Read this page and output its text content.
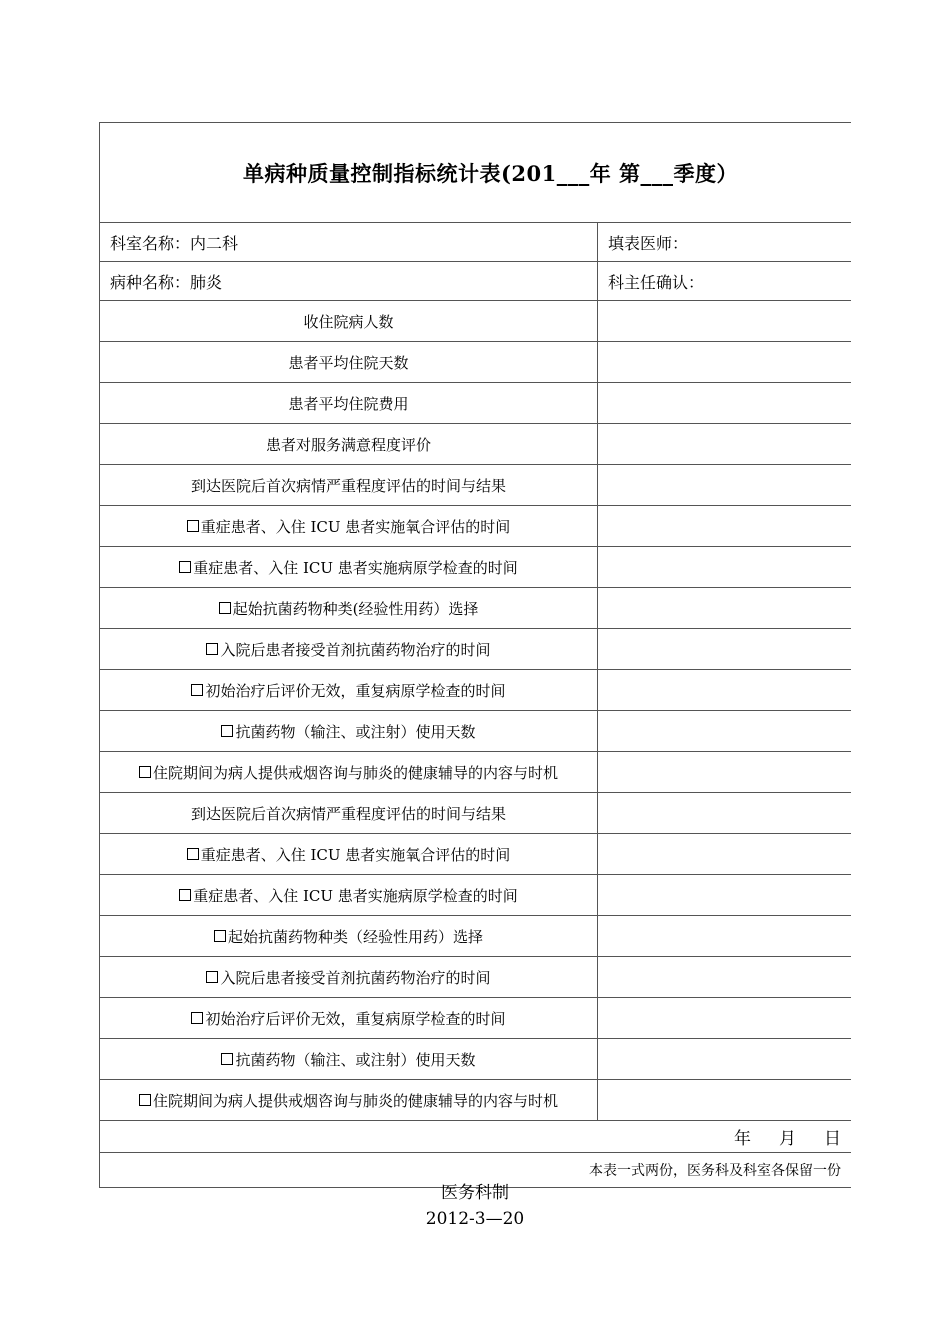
单病种质量控制指标统计表(201___年 第___季度）
科室名称：内二科	填表医师：
病种名称：肺炎	科主任确认：
收住院病人数
患者平均住院天数
患者平均住院费用
患者对服务满意程度评价
到达医院后首次病情严重程度评估的时间与结果
重症患者、入住 ICU 患者实施氧合评估的时间
重症患者、入住 ICU 患者实施病原学检查的时间
起始抗菌药物种类(经验性用药）选择
入院后患者接受首剂抗菌药物治疗的时间
初始治疗后评价无效，重复病原学检查的时间
抗菌药物（输注、或注射）使用天数
住院期间为病人提供戒烟咨询与肺炎的健康辅导的内容与时机
到达医院后首次病情严重程度评估的时间与结果
重症患者、入住 ICU 患者实施氧合评估的时间
重症患者、入住 ICU 患者实施病原学检查的时间
起始抗菌药物种类（经验性用药）选择
入院后患者接受首剂抗菌药物治疗的时间
初始治疗后评价无效，重复病原学检查的时间
抗菌药物（输注、或注射）使用天数
住院期间为病人提供戒烟咨询与肺炎的健康辅导的内容与时机
年 月 日
本表一式两份，医务科及科室各保留一份
医务科制
2012-3—20
